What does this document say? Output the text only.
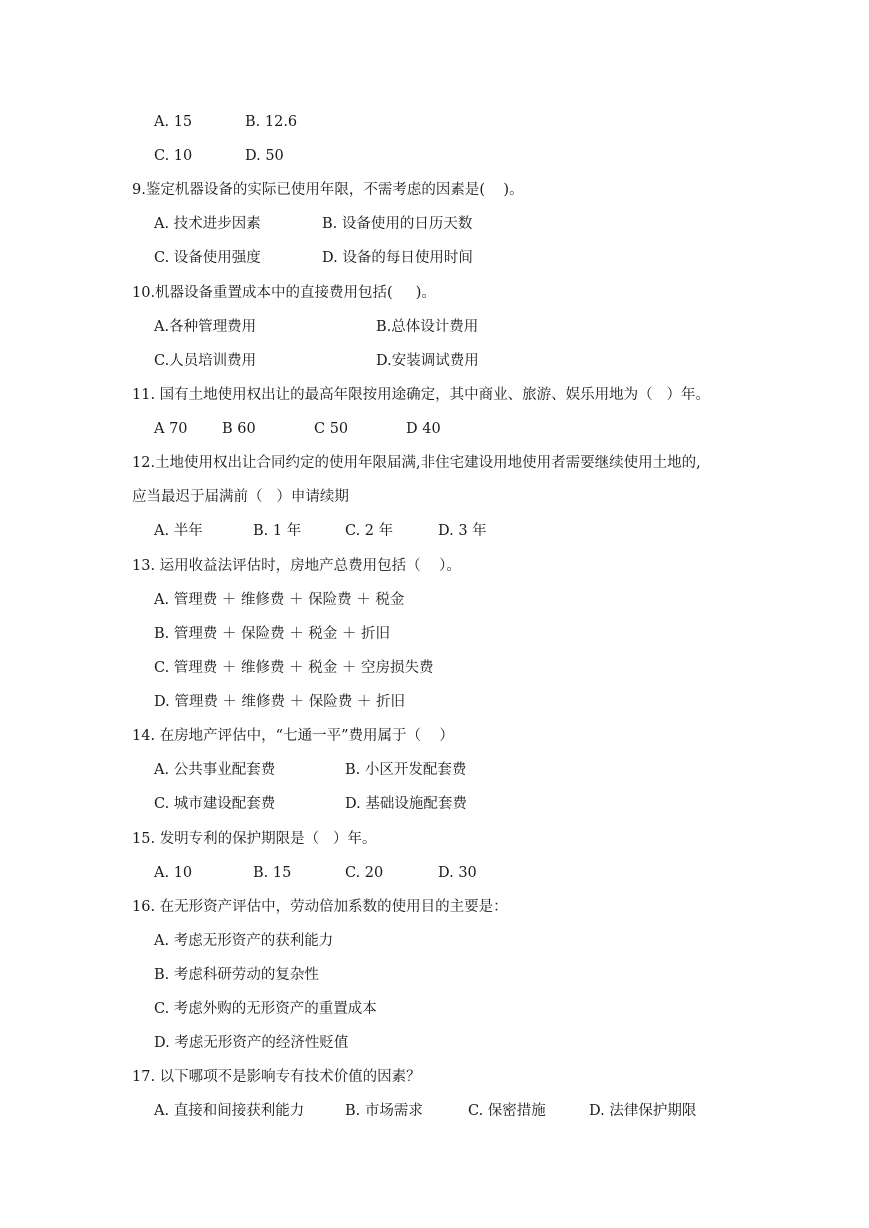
A. 15	B. 12.6
C. 10	D. 50
9.鉴定机器设备的实际已使用年限，不需考虑的因素是(    )。
A. 技术进步因素	B. 设备使用的日历天数
C. 设备使用强度	D. 设备的每日使用时间
10.机器设备重置成本中的直接费用包括(     )。
A.各种管理费用	B.总体设计费用
C.人员培训费用	D.安装调试费用
11. 国有土地使用权出让的最高年限按用途确定，其中商业、旅游、娱乐用地为（   ）年。
A 70 B 60	C 50	D 40
12.土地使用权出让合同约定的使用年限届满,非住宅建设用地使用者需要继续使用土地的,
应当最迟于届满前（   ）申请续期
A. 半年	B. 1 年	C. 2 年	D. 3 年
13. 运用收益法评估时，房地产总费用包括（    ）。
A. 管理费 ＋ 维修费 ＋ 保险费 ＋ 税金
B. 管理费 ＋ 保险费 ＋ 税金 ＋ 折旧
C. 管理费 ＋ 维修费 ＋ 税金 ＋ 空房损失费
D. 管理费 ＋ 维修费 ＋ 保险费 ＋ 折旧
14. 在房地产评估中，“七通一平”费用属于（    ）
A. 公共事业配套费	B. 小区开发配套费
C. 城市建设配套费	D. 基础设施配套费
15. 发明专利的保护期限是（   ）年。
A. 10	B. 15	C. 20	D. 30
16. 在无形资产评估中，劳动倍加系数的使用目的主要是：
A. 考虑无形资产的获利能力
B. 考虑科研劳动的复杂性
C. 考虑外购的无形资产的重置成本
D. 考虑无形资产的经济性贬值
17. 以下哪项不是影响专有技术价值的因素？
A. 直接和间接获利能力	B. 市场需求	C. 保密措施	D. 法律保护期限
